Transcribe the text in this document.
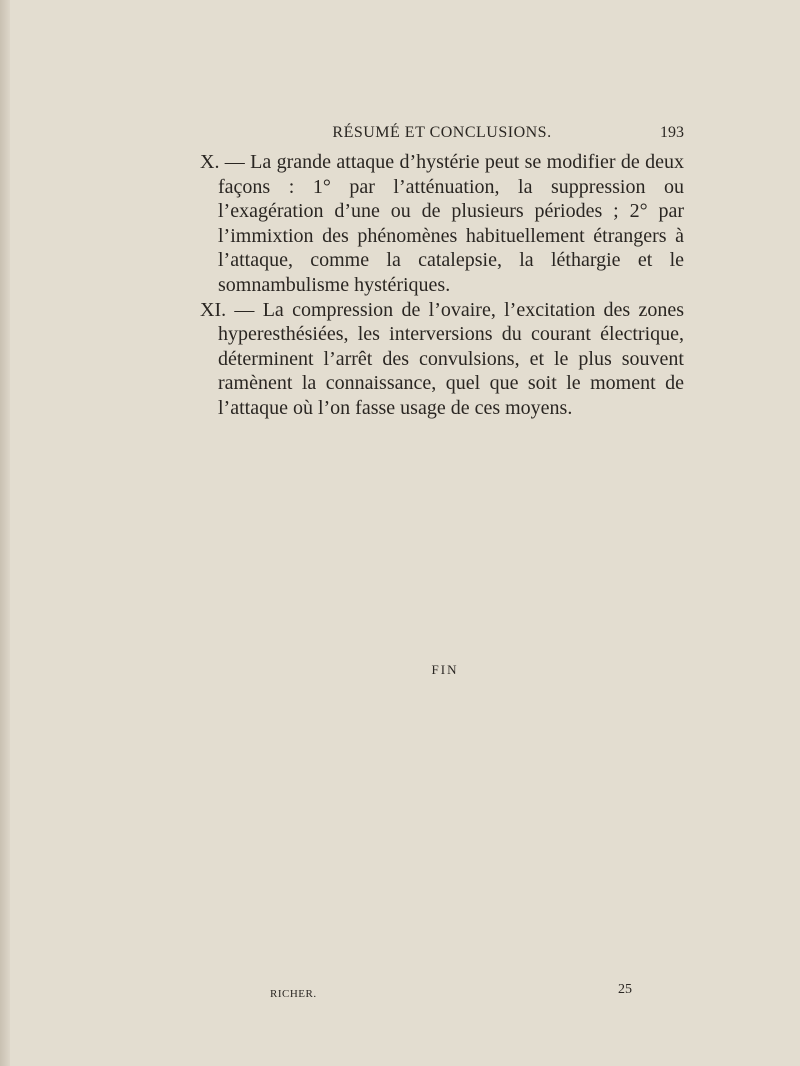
RÉSUMÉ ET CONCLUSIONS.	193

X. — La grande attaque d’hystérie peut se modifier de deux façons : 1° par l’atténuation, la suppression ou l’exagération d’une ou de plusieurs périodes ; 2° par l’immixtion des phénomènes habituellement étrangers à l’attaque, comme la catalepsie, la léthargie et le somnambulisme hystériques.

XI. — La compression de l’ovaire, l’excitation des zones hyperesthésiées, les interversions du courant électrique, déterminent l’arrêt des convulsions, et le plus souvent ramènent la connaissance, quel que soit le moment de l’attaque où l’on fasse usage de ces moyens.

FIN
RICHER.	25
